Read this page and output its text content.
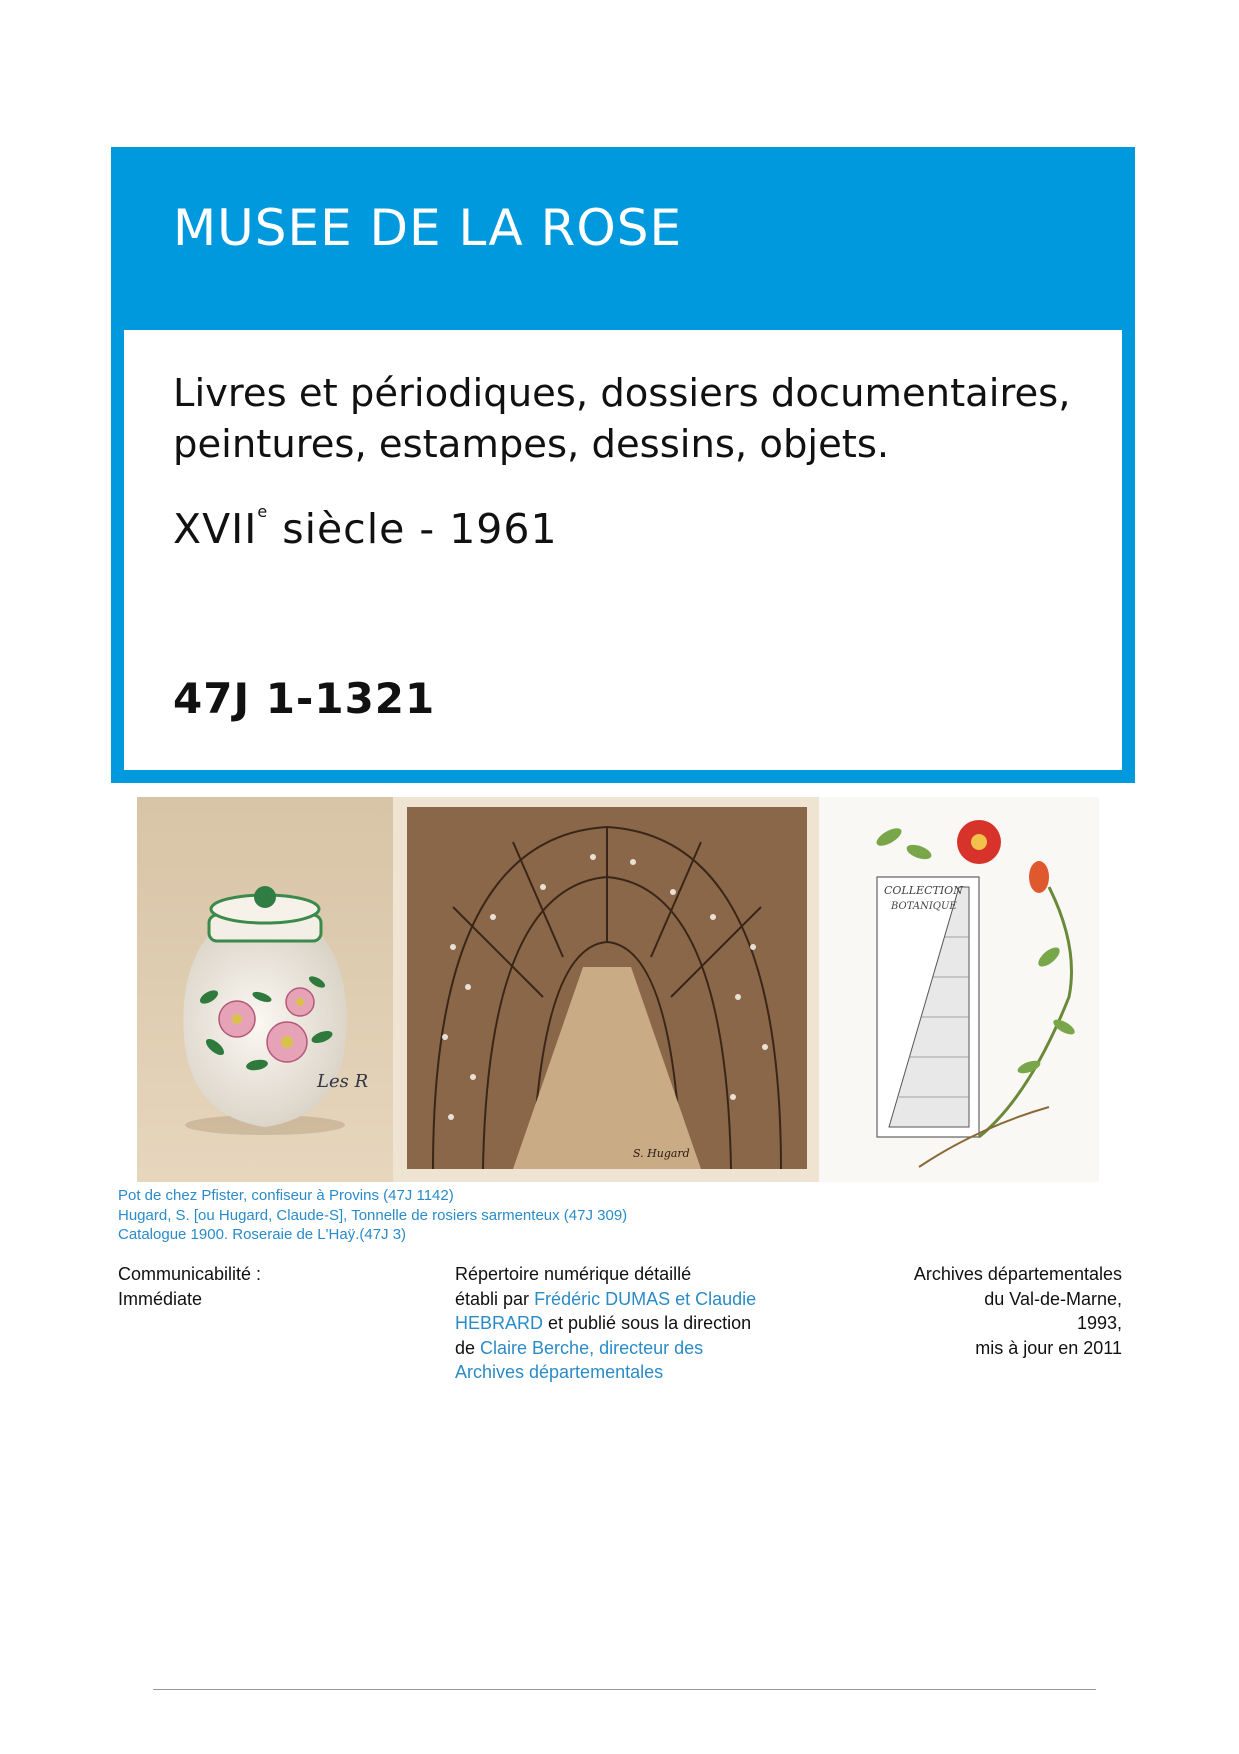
MUSEE DE LA ROSE
Livres et périodiques, dossiers documentaires,
peintures, estampes, dessins, objets.
XVIIe siècle - 1961
47J 1-1321
Les R
S. Hugard
COLLECTION
BOTANIQUE
Pot de chez Pfister, confiseur à Provins (47J 1142)
Hugard, S. [ou Hugard, Claude-S], Tonnelle de rosiers sarmenteux (47J 309)
Catalogue 1900. Roseraie de L'Haÿ.(47J 3)
Communicabilité :
Immédiate
Répertoire numérique détaillé
établi par Frédéric DUMAS et Claudie
HEBRARD et publié sous la direction
de Claire Berche, directeur des
Archives départementales
Archives départementales
du Val-de-Marne,
1993,
mis à jour en 2011
